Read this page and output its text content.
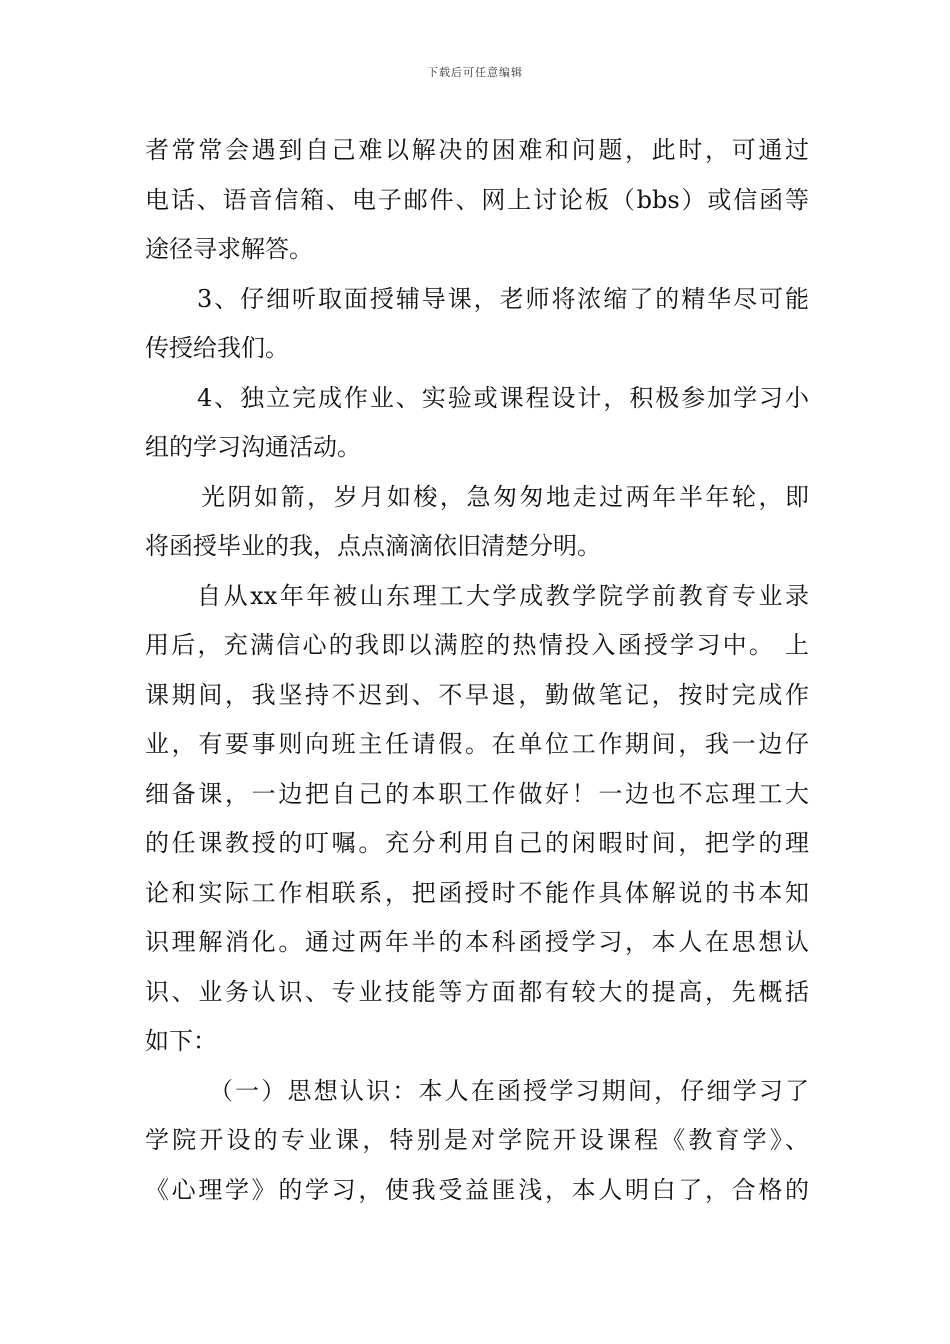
下载后可任意编辑
者常常会遇到自己难以解决的困难和问题，此时，可通过
电话、语音信箱、电子邮件、网上讨论板（bbs）或信函等
途径寻求解答。
3、仔细听取面授辅导课，老师将浓缩了的精华尽可能
传授给我们。
4、独立完成作业、实验或课程设计，积极参加学习小
组的学习沟通活动。
光阴如箭，岁月如梭，急匆匆地走过两年半年轮，即
将函授毕业的我，点点滴滴依旧清楚分明。
自从xx年年被山东理工大学成教学院学前教育专业录
用后，充满信心的我即以满腔的热情投入函授学习中。 上
课期间，我坚持不迟到、不早退，勤做笔记，按时完成作
业，有要事则向班主任请假。在单位工作期间，我一边仔
细备课，一边把自己的本职工作做好！一边也不忘理工大
的任课教授的叮嘱。充分利用自己的闲暇时间，把学的理
论和实际工作相联系，把函授时不能作具体解说的书本知
识理解消化。通过两年半的本科函授学习，本人在思想认
识、业务认识、专业技能等方面都有较大的提高，先概括
如下：
（一）思想认识：本人在函授学习期间，仔细学习了
学院开设的专业课，特别是对学院开设课程《教育学》、
《心理学》的学习，使我受益匪浅，本人明白了，合格的
